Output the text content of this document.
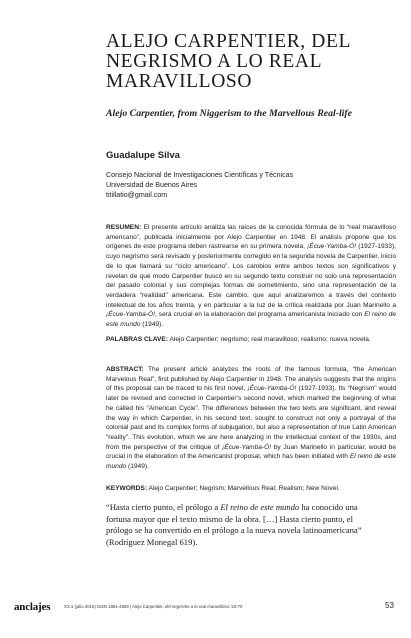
ALEJO CARPENTIER, DEL
NEGRISMO A LO REAL
MARAVILLOSO
Alejo Carpentier, from Niggerism to the Marvellous Real-life
Guadalupe Silva
Consejo Nacional de Investigaciones Científicas y Técnicas
Universidad de Buenos Aires
titillatio@gmail.com
RESUMEN: El presente artículo analiza las raíces de la conocida fórmula de lo “real maravilloso americano”, publicada inicialmente por Alejo Carpentier en 1948. El análisis propone que los orígenes de este programa deben rastrearse en su primera novela, ¡Écue-Yamba-Ó! (1927-1933), cuyo negrismo será revisado y posteriormente corregido en la segunda novela de Carpentier, inicio de lo que llamará su “ciclo americano”. Los cambios entre ambos textos son significativos y revelan de qué modo Carpentier buscó en su segundo texto construir no solo una representación del pasado colonial y sus complejas formas de sometimiento, sino una representación de la verdadera “realidad” americana. Este cambio, que aquí analizaremos a través del contexto intelectual de los años treinta, y en particular a la luz de la crítica realizada por Juan Marinello a ¡Écue-Yamba-Ó!, será crucial en la elaboración del programa americanista iniciado con El reino de este mundo (1949).
PALABRAS CLAVE: Alejo Carpentier; negrismo; real maravilloso; realismo; nueva novela.
ABSTRACT: The present article analyzes the roots of the famous formula, “the American Marvelous Real”, first published by Alejo Carpentier in 1948. The analysis suggests that the origins of this proposal can be traced to his first novel, ¡Écue-Yamba-Ó! (1927-1933). Its “Negrism” would later be revised and corrected in Carpentier’s second novel, which marked the beginning of what he called his “American Cycle”. The differences between the two texts are significant, and reveal the way in which Carpentier, in his second text, sought to construct not only a portrayal of the colonial past and its complex forms of subjugation, but also a representation of true Latin American “reality”. This evolution, which we are here analyzing in the intellectual context of the 1930s, and from the perspective of the critique of ¡Écue-Yamba-Ó! by Juan Marinello in particular, would be crucial in the elaboration of the Americanist proposal, which has been initiated with El reino de este mundo (1949).
KEYWORDS: Alejo Carpentier; Negrism; Marvellous Real; Realism; New Novel.
“Hasta cierto punto, el prólogo a El reino de este mundo ha conocido una
fortuna mayor que el texto mismo de la obra. […] Hasta cierto punto, el
prólogo se ha convertido en el prólogo a la nueva novela latinoamericana”
(Rodríguez Monegal 619).
anclajes	XX.1 (julio 2016) ISSN 1851-4669 | Alejo Carpentier, del negrismo a lo real maravilloso: 53-70	53
